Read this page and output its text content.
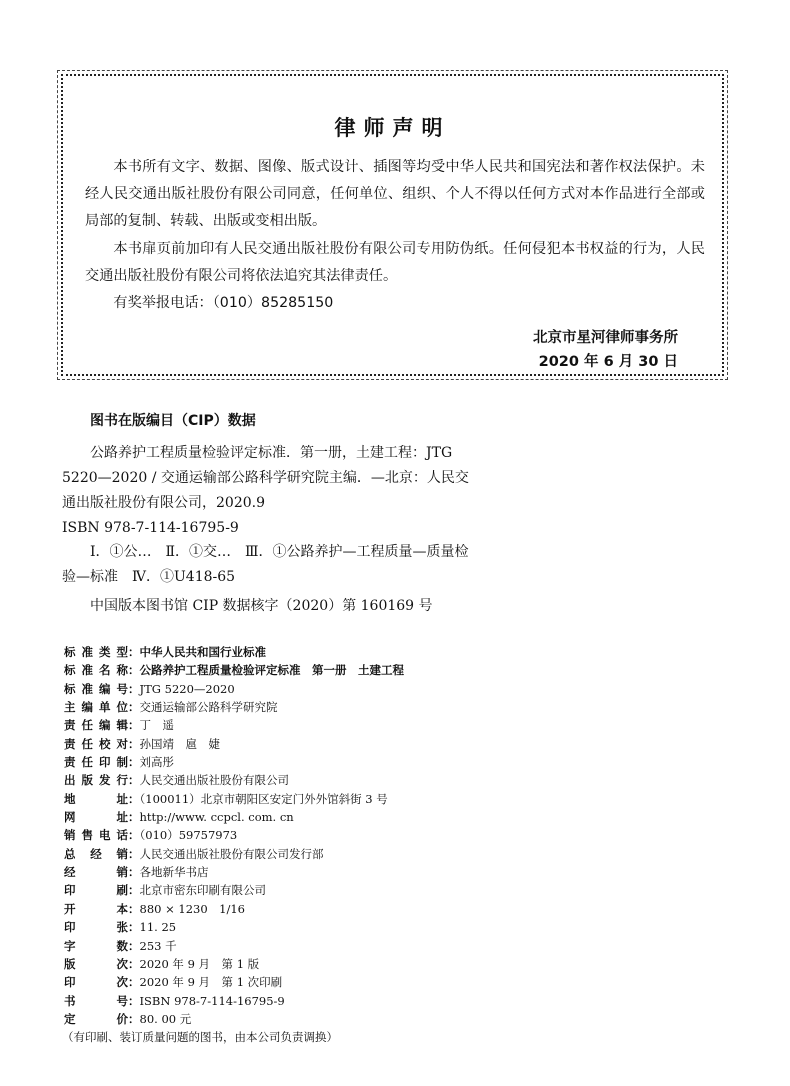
律师声明

本书所有文字、数据、图像、版式设计、插图等均受中华人民共和国宪法和著作权法保护。未经人民交通出版社股份有限公司同意，任何单位、组织、个人不得以任何方式对本作品进行全部或局部的复制、转载、出版或变相出版。

本书扉页前加印有人民交通出版社股份有限公司专用防伪纸。任何侵犯本书权益的行为，人民交通出版社股份有限公司将依法追究其法律责任。

有奖举报电话：（010）85285150

北京市星河律师事务所
2020 年 6 月 30 日
图书在版编目（CIP）数据

公路养护工程质量检验评定标准．第一册，土建工程：JTG 5220—2020 / 交通运输部公路科学研究院主编．—北京：人民交通出版社股份有限公司，2020.9
ISBN 978-7-114-16795-9

Ⅰ．①公…　Ⅱ．①交…　Ⅲ．①公路养护—工程质量—质量检验—标准　Ⅳ．①U418-65

中国版本图书馆 CIP 数据核字（2020）第 160169 号

标准类型：中华人民共和国行业标准
标准名称：公路养护工程质量检验评定标准　第一册　土建工程
标准编号：JTG 5220—2020
主编单位：交通运输部公路科学研究院
责任编辑：丁　遥
责任校对：孙国靖　扈　婕
责任印制：刘高彤
出版发行：人民交通出版社股份有限公司
地址：（100011）北京市朝阳区安定门外外馆斜街 3 号
网址：http://www. ccpcl. com. cn
销售电话：（010）59757973
总经销：人民交通出版社股份有限公司发行部
经销：各地新华书店
印刷：北京市密东印刷有限公司
开本：880 × 1230　1/16
印张：11. 25
字数：253 千
版次：2020 年 9 月　第 1 版
印次：2020 年 9 月　第 1 次印刷
书号：ISBN 978-7-114-16795-9
定价：80. 00 元
（有印刷、装订质量问题的图书，由本公司负责调换）
